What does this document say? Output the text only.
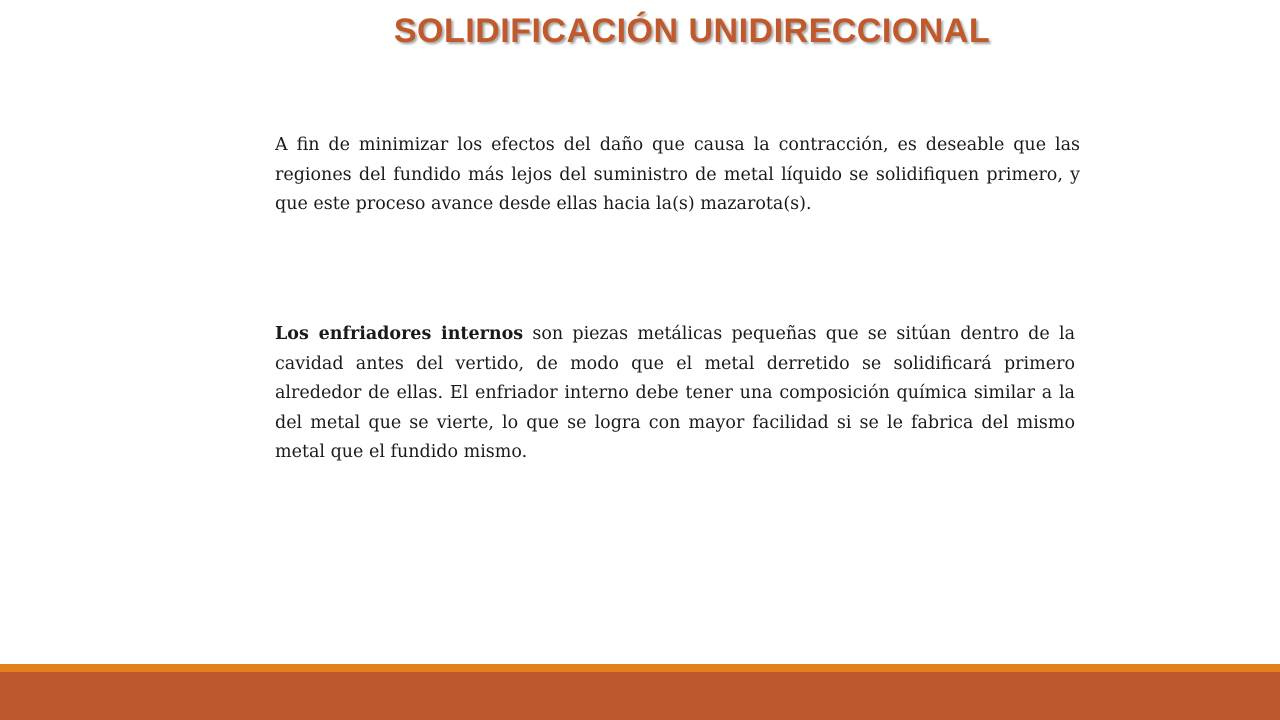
SOLIDIFICACIÓN UNIDIRECCIONAL

A fin de minimizar los efectos del daño que causa la contracción, es deseable que las regiones del fundido más lejos del suministro de metal líquido se solidifiquen primero, y que este proceso avance desde ellas hacia la(s) mazarota(s).

Los enfriadores internos son piezas metálicas pequeñas que se sitúan dentro de la cavidad antes del vertido, de modo que el metal derretido se solidificará primero alrededor de ellas. El enfriador interno debe tener una composición química similar a la del metal que se vierte, lo que se logra con mayor facilidad si se le fabrica del mismo metal que el fundido mismo.
